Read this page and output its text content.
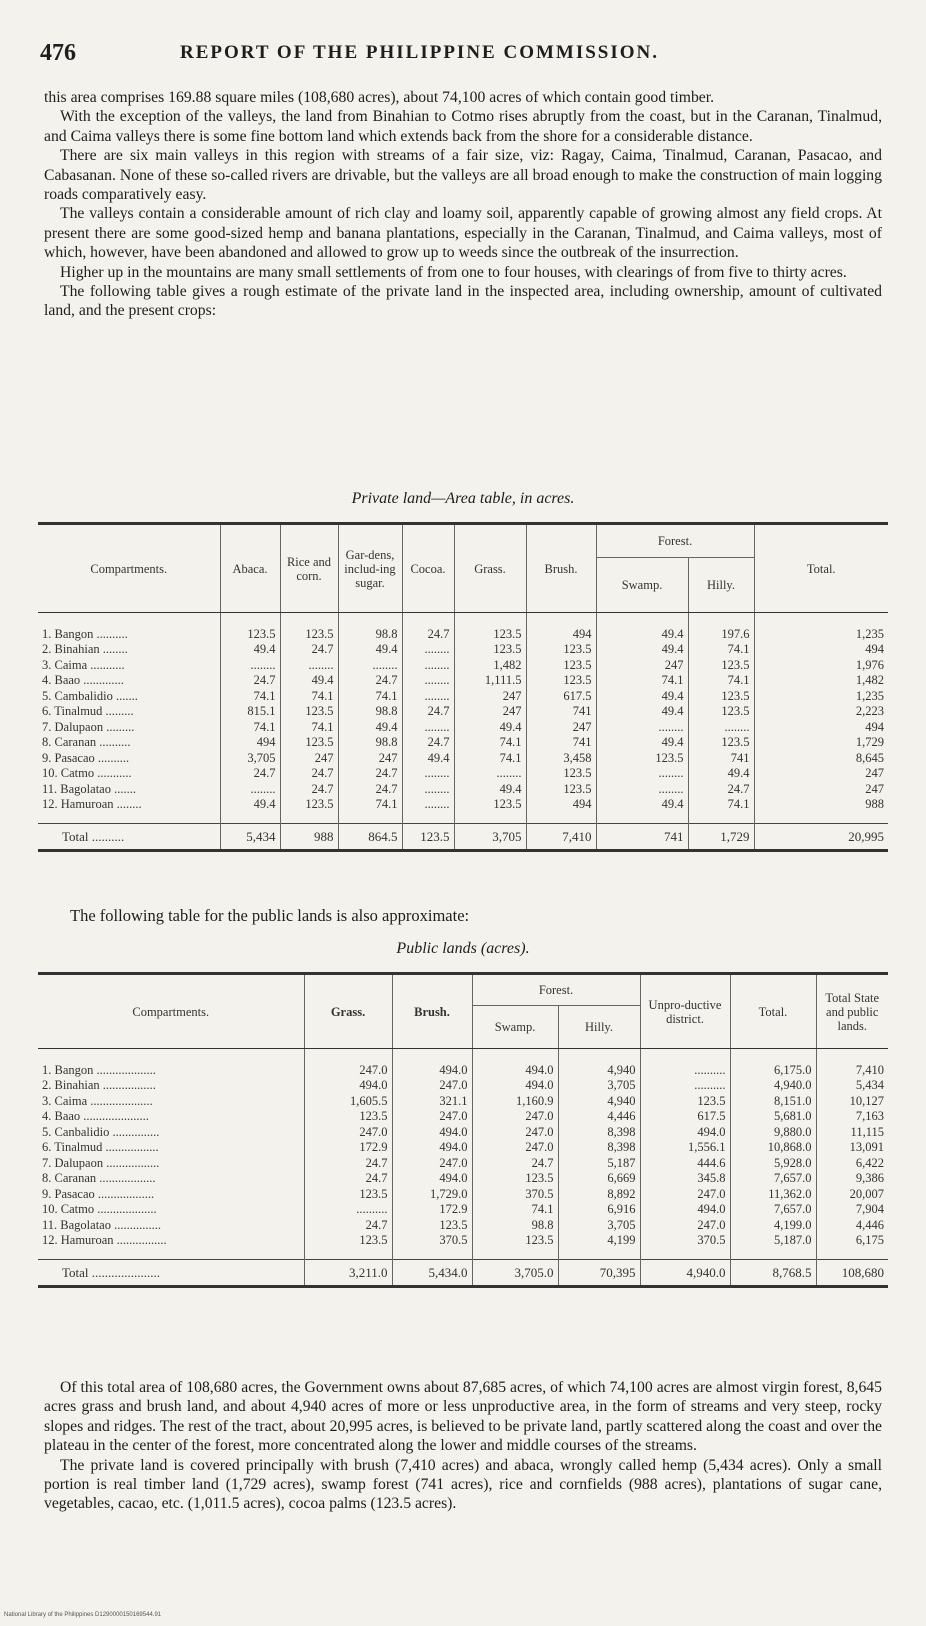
476	REPORT OF THE PHILIPPINE COMMISSION.

this area comprises 169.88 square miles (108,680 acres), about 74,100 acres of which contain good timber.

With the exception of the valleys, the land from Binahian to Cotmo rises abruptly from the coast, but in the Caranan, Tinalmud, and Caima valleys there is some fine bottom land which extends back from the shore for a considerable distance.

There are six main valleys in this region with streams of a fair size, viz: Ragay, Caima, Tinalmud, Caranan, Pasacao, and Cabasanan. None of these so-called rivers are drivable, but the valleys are all broad enough to make the construction of main logging roads comparatively easy.

The valleys contain a considerable amount of rich clay and loamy soil, apparently capable of growing almost any field crops. At present there are some good-sized hemp and banana plantations, especially in the Caranan, Tinalmud, and Caima valleys, most of which, however, have been abandoned and allowed to grow up to weeds since the outbreak of the insurrection.

Higher up in the mountains are many small settlements of from one to four houses, with clearings of from five to thirty acres.

The following table gives a rough estimate of the private land in the inspected area, including ownership, amount of cultivated land, and the present crops:

Private land—Area table, in acres.
Compartments.	Abaca.	Rice and corn.	Gar-dens, includ-ing sugar.	Cocoa.	Grass.	Brush.	Forest.		Total.
							Swamp.	Hilly.	

1. Bangon ..........	123.5	123.5	98.8	24.7	123.5	494	49.4	197.6	1,235
2. Binahian ........	49.4	24.7	49.4	........	123.5	123.5	49.4	74.1	494
3. Caima ...........	........	........	........	........	1,482	123.5	247	123.5	1,976
4. Baao .............	24.7	49.4	24.7	........	1,111.5	123.5	74.1	74.1	1,482
5. Cambalidio .......	74.1	74.1	74.1	........	247	617.5	49.4	123.5	1,235
6. Tinalmud .........	815.1	123.5	98.8	24.7	247	741	49.4	123.5	2,223
7. Dalupaon .........	74.1	74.1	49.4	........	49.4	247	........	........	494
8. Caranan ..........	494	123.5	98.8	24.7	74.1	741	49.4	123.5	1,729
9. Pasacao ..........	3,705	247	247	49.4	74.1	3,458	123.5	741	8,645
10. Catmo ...........	24.7	24.7	24.7	........	........	123.5	........	49.4	247
11. Bagolatao .......	........	24.7	24.7	........	49.4	123.5	........	24.7	247
12. Hamuroan ........	49.4	123.5	74.1	........	123.5	494	49.4	74.1	988
Total ..........	5,434	988	864.5	123.5	3,705	7,410	741	1,729	20,995
The following table for the public lands is also approximate:
Public lands (acres).
Compartments.	Grass.	Brush.	Forest.		Unpro-ductive district.	Total.	Total State and public lands.
			Swamp.	Hilly.			

1. Bangon ...................	247.0	494.0	494.0	4,940	..........	6,175.0	7,410
2. Binahian .................	494.0	247.0	494.0	3,705	..........	4,940.0	5,434
3. Caima ....................	1,605.5	321.1	1,160.9	4,940	123.5	8,151.0	10,127
4. Baao .....................	123.5	247.0	247.0	4,446	617.5	5,681.0	7,163
5. Canbalidio ...............	247.0	494.0	247.0	8,398	494.0	9,880.0	11,115
6. Tinalmud .................	172.9	494.0	247.0	8,398	1,556.1	10,868.0	13,091
7. Dalupaon .................	24.7	247.0	24.7	5,187	444.6	5,928.0	6,422
8. Caranan ..................	24.7	494.0	123.5	6,669	345.8	7,657.0	9,386
9. Pasacao ..................	123.5	1,729.0	370.5	8,892	247.0	11,362.0	20,007
10. Catmo ...................	..........	172.9	74.1	6,916	494.0	7,657.0	7,904
11. Bagolatao ...............	24.7	123.5	98.8	3,705	247.0	4,199.0	4,446
12. Hamuroan ................	123.5	370.5	123.5	4,199	370.5	5,187.0	6,175
Total .....................	3,211.0	5,434.0	3,705.0	70,395	4,940.0	8,768.5	108,680

Of this total area of 108,680 acres, the Government owns about 87,685 acres, of which 74,100 acres are almost virgin forest, 8,645 acres grass and brush land, and about 4,940 acres of more or less unproductive area, in the form of streams and very steep, rocky slopes and ridges. The rest of the tract, about 20,995 acres, is believed to be private land, partly scattered along the coast and over the plateau in the center of the forest, more concentrated along the lower and middle courses of the streams.

The private land is covered principally with brush (7,410 acres) and abaca, wrongly called hemp (5,434 acres). Only a small portion is real timber land (1,729 acres), swamp forest (741 acres), rice and cornfields (988 acres), plantations of sugar cane, vegetables, cacao, etc. (1,011.5 acres), cocoa palms (123.5 acres).

National Library of the Philippines D1290000150169544.91
